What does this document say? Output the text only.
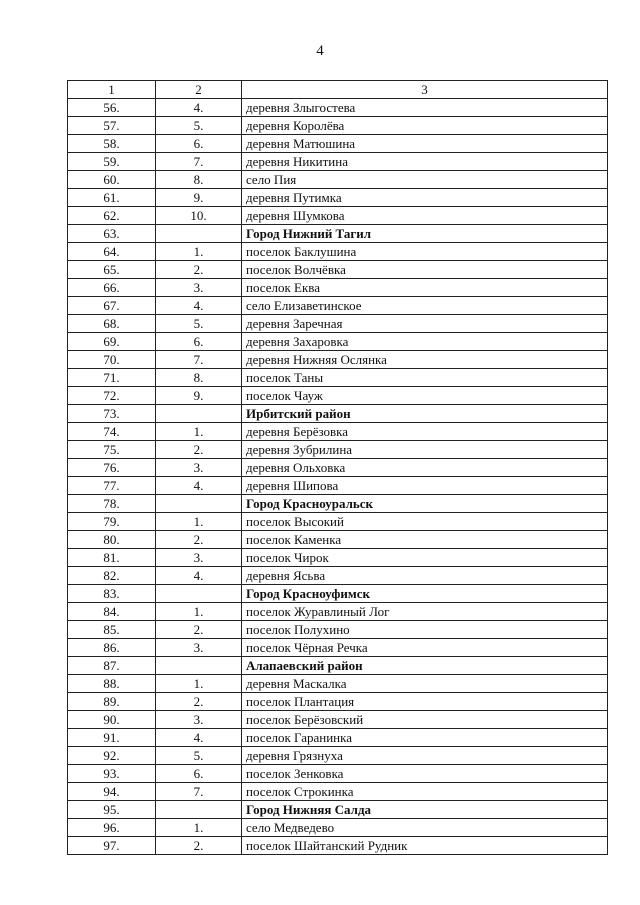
4
1	2	3
56.	4.	деревня Злыгостева
57.	5.	деревня Королёва
58.	6.	деревня Матюшина
59.	7.	деревня Никитина
60.	8.	село Пия
61.	9.	деревня Путимка
62.	10.	деревня Шумкова
63.		Город Нижний Тагил
64.	1.	поселок Баклушина
65.	2.	поселок Волчёвка
66.	3.	поселок Еква
67.	4.	село Елизаветинское
68.	5.	деревня Заречная
69.	6.	деревня Захаровка
70.	7.	деревня Нижняя Ослянка
71.	8.	поселок Таны
72.	9.	поселок Чауж
73.		Ирбитский район
74.	1.	деревня Берёзовка
75.	2.	деревня Зубрилина
76.	3.	деревня Ольховка
77.	4.	деревня Шипова
78.		Город Красноуральск
79.	1.	поселок Высокий
80.	2.	поселок Каменка
81.	3.	поселок Чирок
82.	4.	деревня Ясьва
83.		Город Красноуфимск
84.	1.	поселок Журавлиный Лог
85.	2.	поселок Полухино
86.	3.	поселок Чёрная Речка
87.		Алапаевский район
88.	1.	деревня Маскалка
89.	2.	поселок Плантация
90.	3.	поселок Берёзовский
91.	4.	поселок Гаранинка
92.	5.	деревня Грязнуха
93.	6.	поселок Зенковка
94.	7.	поселок Строкинка
95.		Город Нижняя Салда
96.	1.	село Медведево
97.	2.	поселок Шайтанский Рудник
